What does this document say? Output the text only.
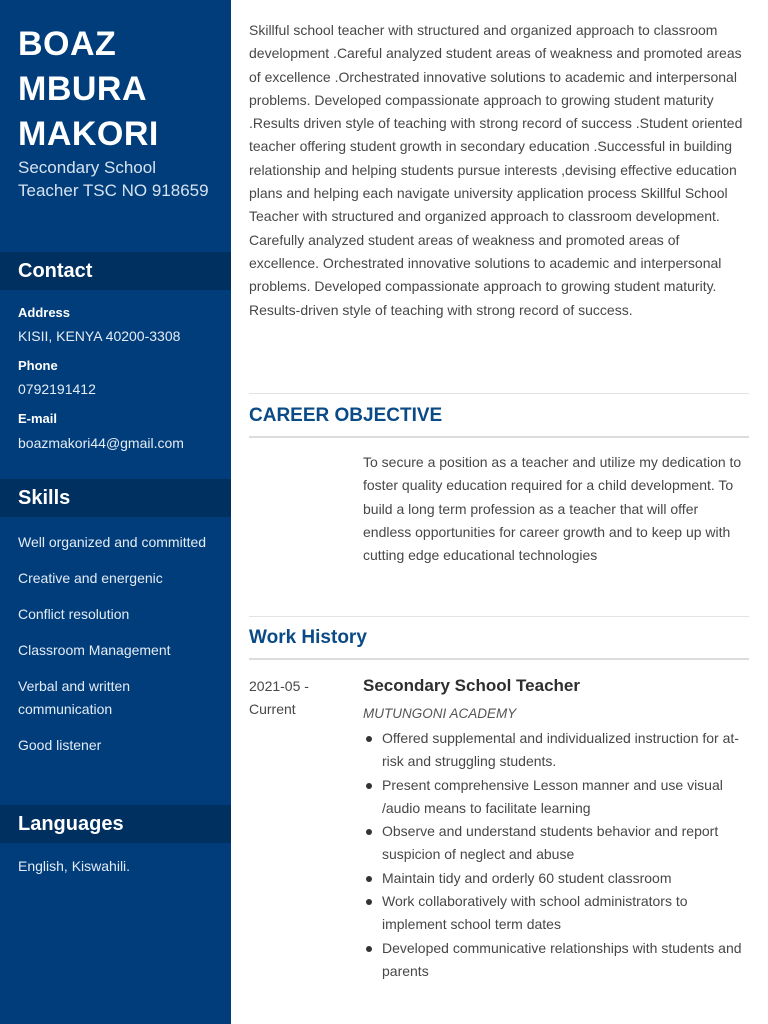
BOAZ MBURA MAKORI

Secondary School Teacher TSC NO 918659

Contact
Address
KISII, KENYA 40200-3308
Phone
0792191412
E-mail
boazmakori44@gmail.com
Skills
Well organized and committed
Creative and energenic
Conflict resolution
Classroom Management
Verbal and written communication
Good listener
Languages
English, Kiswahili.

Skillful school teacher with structured and organized approach to classroom development .Careful analyzed student areas of weakness and promoted areas of excellence .Orchestrated innovative solutions to academic and interpersonal problems. Developed compassionate approach to growing student maturity .Results driven style of teaching with strong record of success .Student oriented teacher offering student growth in secondary education .Successful in building relationship and helping students pursue interests ,devising effective education plans and helping each navigate university application process Skillful School Teacher with structured and organized approach to classroom development. Carefully analyzed student areas of weakness and promoted areas of excellence. Orchestrated innovative solutions to academic and interpersonal problems. Developed compassionate approach to growing student maturity. Results-driven style of teaching with strong record of success.

CAREER OBJECTIVE

To secure a position as a teacher and utilize my dedication to foster quality education required for a child development. To build a long term profession as a teacher that will offer endless opportunities for career growth and to keep up with cutting edge educational technologies

Work History
2021-05 - Current
Secondary School Teacher
MUTUNGONI ACADEMY
Offered supplemental and individualized instruction for at-risk and struggling students.
Present comprehensive Lesson manner and use visual /audio means to facilitate learning
Observe and understand students behavior and report suspicion of neglect and abuse
Maintain tidy and orderly 60 student classroom
Work collaboratively with school administrators to implement school term dates
Developed communicative relationships with students and parents
